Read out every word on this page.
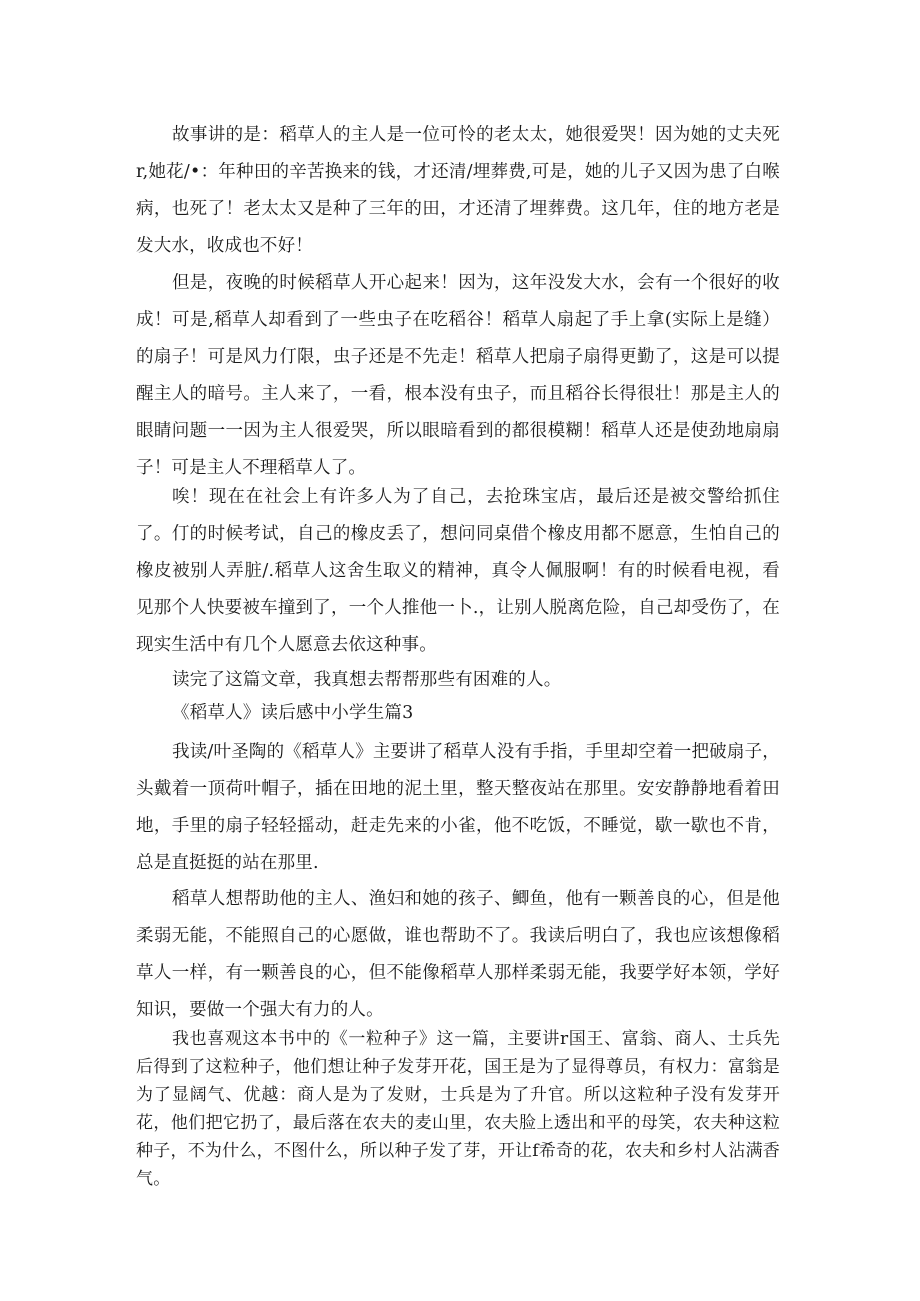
故事讲的是：稻草人的主人是一位可怜的老太太，她很爱哭！因为她的丈夫死r,她花/•：年种田的辛苦换来的钱，才还清/埋葬费,可是，她的儿子又因为患了白喉病，也死了！老太太又是种了三年的田，才还清了埋葬费。这几年，住的地方老是发大水，收成也不好！

但是，夜晚的时候稻草人开心起来！因为，这年没发大水，会有一个很好的收成！可是,稻草人却看到了一些虫子在吃稻谷！稻草人扇起了手上拿(实际上是缝）的扇子！可是风力仃限，虫子还是不先走！稻草人把扇子扇得更勤了，这是可以提醒主人的暗号。主人来了，一看，根本没有虫子，而且稻谷长得很壮！那是主人的眼睛问题一一因为主人很爱哭，所以眼暗看到的都很模糊！稻草人还是使劲地扇扇子！可是主人不理稻草人了。

唉！现在在社会上有许多人为了自己，去抢珠宝店，最后还是被交警给抓住了。仃的时候考试，自己的橡皮丢了，想问同桌借个橡皮用都不愿意，生怕自己的橡皮被别人弄脏/.稻草人这舍生取义的精神，真令人佩服啊！有的时候看电视，看见那个人快要被车撞到了，一个人推他一卜.，让别人脱离危险，自己却受伤了，在现实生活中有几个人愿意去依这种事。

读完了这篇文章，我真想去帮帮那些有困难的人。

《稻草人》读后感中小学生篇3

我读/叶圣陶的《稻草人》主要讲了稻草人没有手指，手里却空着一把破扇子，头戴着一顶荷叶帽子，插在田地的泥土里，整天整夜站在那里。安安静静地看着田地，手里的扇子轻轻摇动，赶走先来的小雀，他不吃饭，不睡觉，歇一歇也不肯，总是直挺挺的站在那里.

稻草人想帮助他的主人、渔妇和她的孩子、鲫鱼，他有一颗善良的心，但是他柔弱无能，不能照自己的心愿做，谁也帮助不了。我读后明白了，我也应该想像稻草人一样，有一颗善良的心，但不能像稻草人那样柔弱无能，我要学好本领，学好知识，要做一个强大有力的人。

我也喜观这本书中的《一粒种子》这一篇，主要讲r国王、富翁、商人、士兵先后得到了这粒种子，他们想让种子发芽开花，国王是为了显得尊员，有权力：富翁是为了显阔气、优越：商人是为了发财，士兵是为了升官。所以这粒种子没有发芽开花，他们把它扔了，最后落在农夫的麦山里，农夫脸上透出和平的母笑，农夫种这粒种子，不为什么，不图什么，所以种子发了芽，开让f希奇的花，农夫和乡村人沾满香气。
